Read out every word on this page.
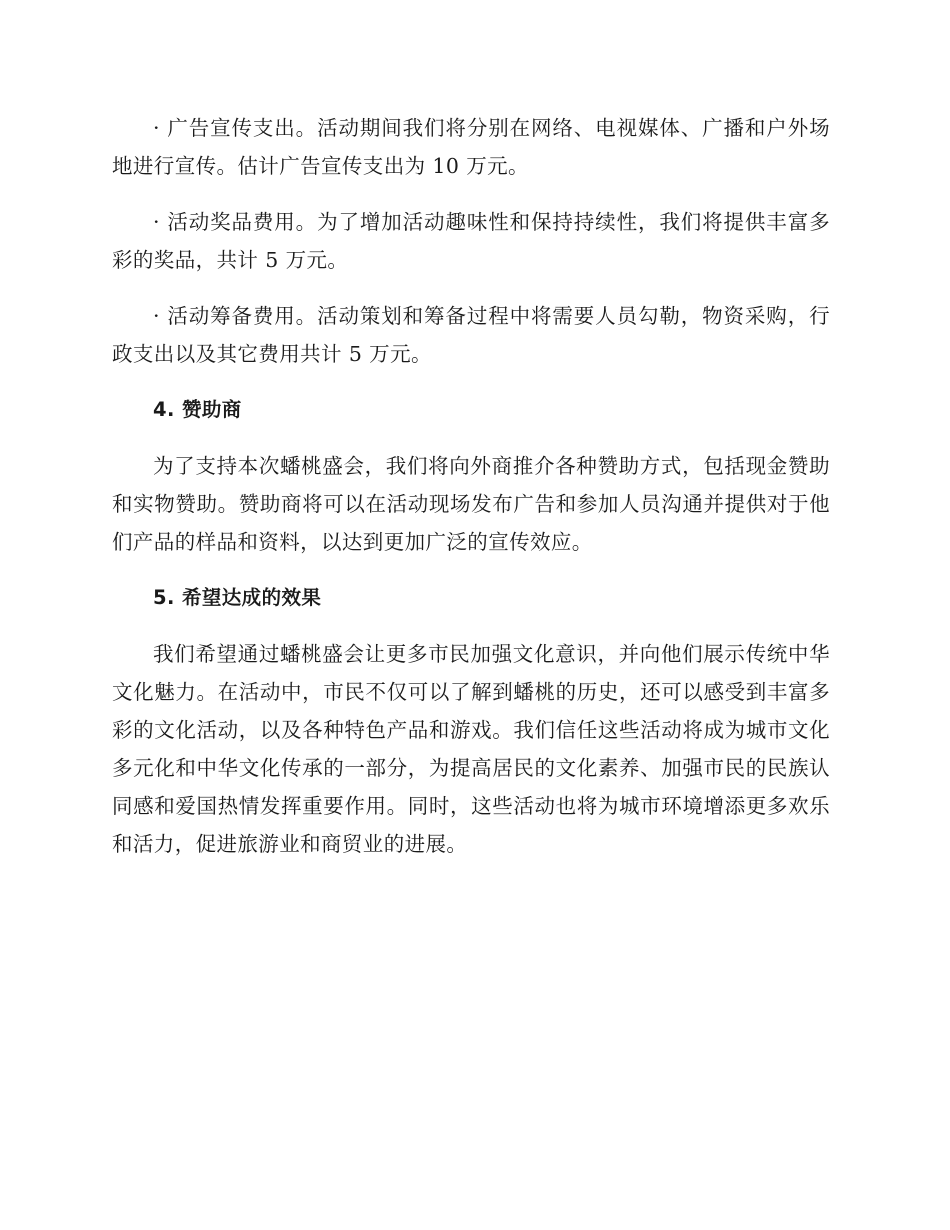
· 广告宣传支出。活动期间我们将分别在网络、电视媒体、广播和户外场地进行宣传。估计广告宣传支出为 10 万元。

· 活动奖品费用。为了增加活动趣味性和保持持续性，我们将提供丰富多彩的奖品，共计 5 万元。

· 活动筹备费用。活动策划和筹备过程中将需要人员勾勒，物资采购，行政支出以及其它费用共计 5 万元。

4. 赞助商

为了支持本次蟠桃盛会，我们将向外商推介各种赞助方式，包括现金赞助和实物赞助。赞助商将可以在活动现场发布广告和参加人员沟通并提供对于他们产品的样品和资料，以达到更加广泛的宣传效应。

5. 希望达成的效果

我们希望通过蟠桃盛会让更多市民加强文化意识，并向他们展示传统中华文化魅力。在活动中，市民不仅可以了解到蟠桃的历史，还可以感受到丰富多彩的文化活动，以及各种特色产品和游戏。我们信任这些活动将成为城市文化多元化和中华文化传承的一部分，为提高居民的文化素养、加强市民的民族认同感和爱国热情发挥重要作用。同时，这些活动也将为城市环境增添更多欢乐和活力，促进旅游业和商贸业的进展。
